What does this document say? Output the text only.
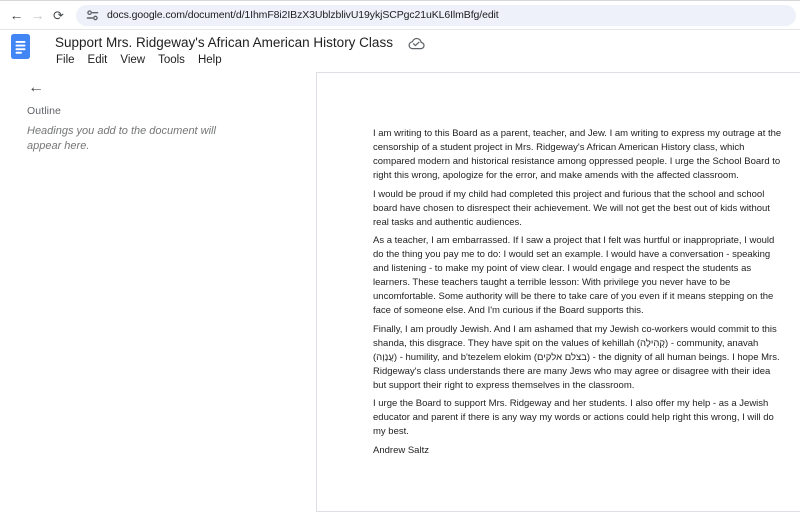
← → ⟳	docs.google.com/document/d/1IhmF8i2IBzX3UblzblivU19ykjSCPgc21uKL6IlmBfg/edit
Support Mrs. Ridgeway's African American History Class
File Edit View Tools Help
←
Outline
Headings you add to the document will appear here.

I am writing to this Board as a parent, teacher, and Jew. I am writing to express my outrage at the censorship of a student project in Mrs. Ridgeway's African American History class, which compared modern and historical resistance among oppressed people. I urge the School Board to right this wrong, apologize for the error, and make amends with the affected classroom.

I would be proud if my child had completed this project and furious that the school and school board have chosen to disrespect their achievement. We will not get the best out of kids without real tasks and authentic audiences.

As a teacher, I am embarrassed. If I saw a project that I felt was hurtful or inappropriate, I would do the thing you pay me to do: I would set an example. I would have a conversation - speaking and listening - to make my point of view clear. I would engage and respect the students as learners. These teachers taught a terrible lesson: With privilege you never have to be uncomfortable. Some authority will be there to take care of you even if it means stepping on the face of someone else. And I'm curious if the Board supports this.

Finally, I am proudly Jewish. And I am ashamed that my Jewish co-workers would commit to this shanda, this disgrace. They have spit on the values of kehillah (קְהִילָה) - community, anavah (עֲנָוָה) - humility, and b'tezelem elokim (בצלם אלקים) - the dignity of all human beings. I hope Mrs. Ridgeway's class understands there are many Jews who may agree or disagree with their idea but support their right to express themselves in the classroom.

I urge the Board to support Mrs. Ridgeway and her students. I also offer my help - as a Jewish educator and parent if there is any way my words or actions could help right this wrong, I will do my best.

Andrew Saltz
